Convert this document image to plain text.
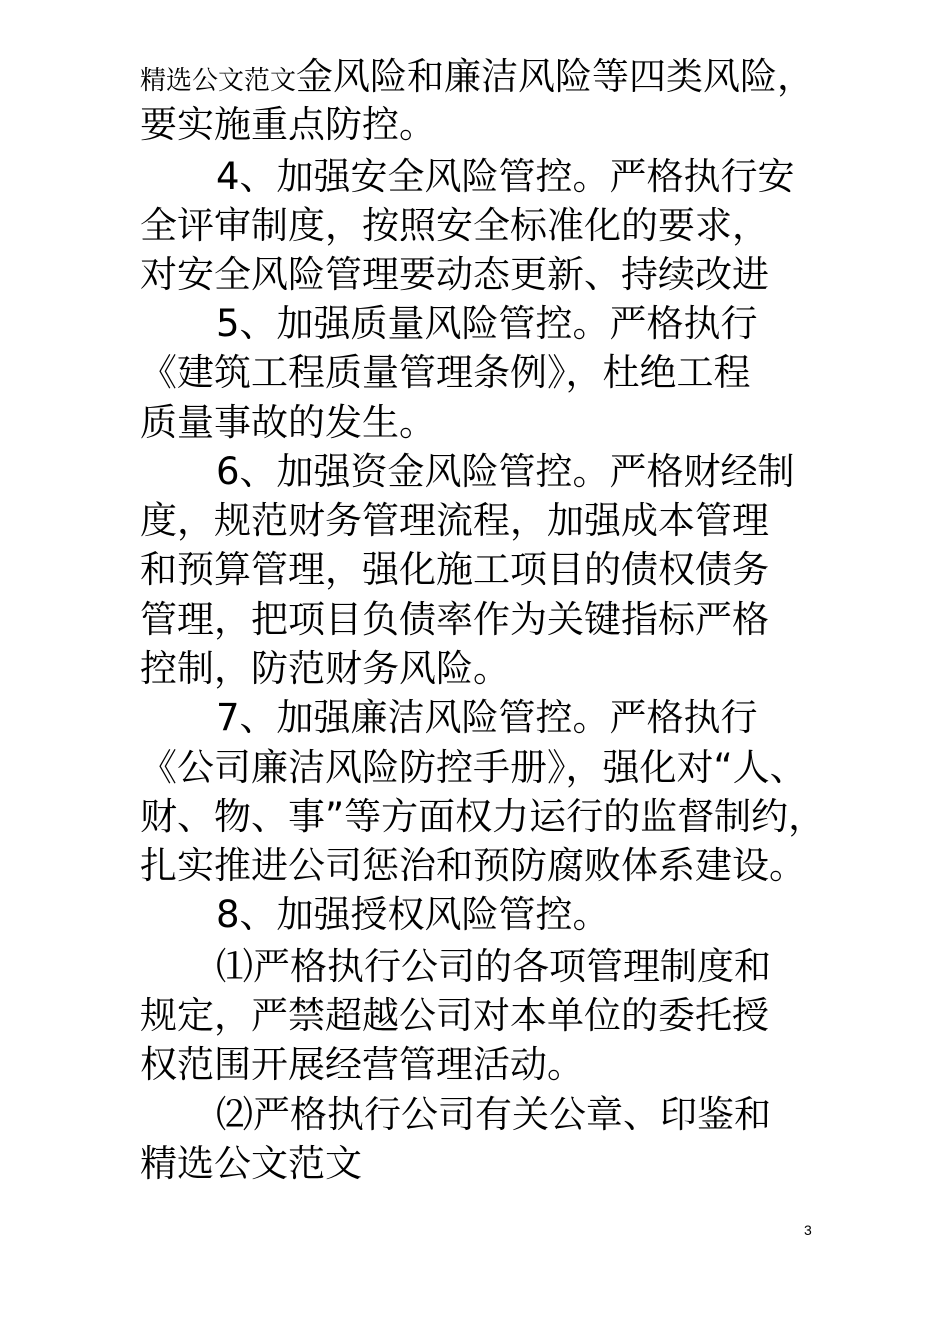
精选公文范文金风险和廉洁风险等四类风险，
要实施重点防控。
4、加强安全风险管控。严格执行安
全评审制度，按照安全标准化的要求，
对安全风险管理要动态更新、持续改进
5、加强质量风险管控。严格执行
《建筑工程质量管理条例》，杜绝工程
质量事故的发生。
6、加强资金风险管控。严格财经制
度，规范财务管理流程，加强成本管理
和预算管理，强化施工项目的债权债务
管理，把项目负债率作为关键指标严格
控制，防范财务风险。
7、加强廉洁风险管控。严格执行
《公司廉洁风险防控手册》，强化对“人、
财、物、事”等方面权力运行的监督制约，
扎实推进公司惩治和预防腐败体系建设。
8、加强授权风险管控。
⑴严格执行公司的各项管理制度和
规定，严禁超越公司对本单位的委托授
权范围开展经营管理活动。
⑵严格执行公司有关公章、印鉴和
精选公文范文
3
